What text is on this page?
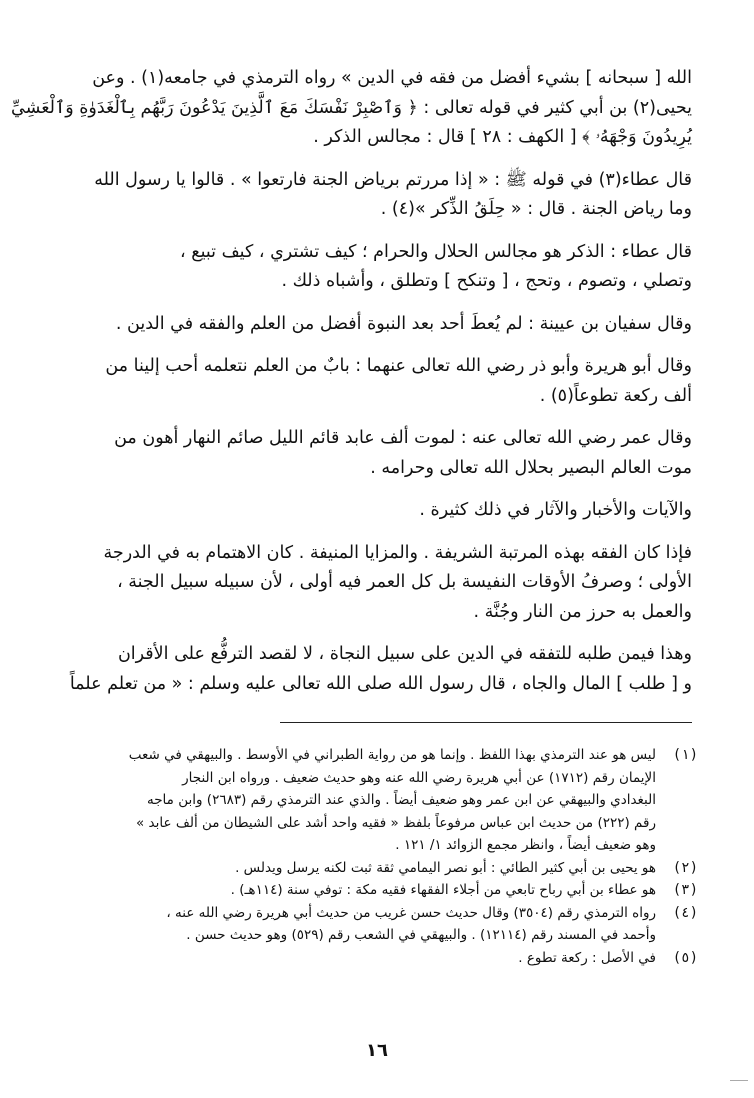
الله [ سبحانه ] بشيء أفضل من فقه في الدين » رواه الترمذي في جامعه(١) . وعن
يحيى(٢) بن أبي كثير في قوله تعالى : ﴿ وَٱصْبِرْ نَفْسَكَ مَعَ ٱلَّذِينَ يَدْعُونَ رَبَّهُم بِٱلْغَدَوٰةِ وَٱلْعَشِيِّ
يُرِيدُونَ وَجْهَهُۥ ﴾ [ الكهف : ٢٨ ] قال : مجالس الذكر .

قال عطاء(٣) في قوله ﷺ : « إذا مررتم برياض الجنة فارتعوا » . قالوا يا رسول الله
وما رياض الجنة . قال : « حِلَقُ الذِّكر »(٤) .

قال عطاء : الذكر هو مجالس الحلال والحرام ؛ كيف تشتري ، كيف تبيع ،
وتصلي ، وتصوم ، وتحج ، [ وتنكح ] وتطلق ، وأشباه ذلك .

وقال سفيان بن عيينة : لم يُعطَ أحد بعد النبوة أفضل من العلم والفقه في الدين .

وقال أبو هريرة وأبو ذر رضي الله تعالى عنهما : بابٌ من العلم نتعلمه أحب إلينا من
ألف ركعة تطوعاً(٥) .

وقال عمر رضي الله تعالى عنه : لموت ألف عابد قائم الليل صائم النهار أهون من
موت العالم البصير بحلال الله تعالى وحرامه .

والآيات والأخبار والآثار في ذلك كثيرة .

فإذا كان الفقه بهذه المرتبة الشريفة . والمزايا المنيفة . كان الاهتمام به في الدرجة
الأولى ؛ وصرفُ الأوقات النفيسة بل كل العمر فيه أولى ، لأن سبيله سبيل الجنة ،
والعمل به حرز من النار وجُنَّة .

وهذا فيمن طلبه للتفقه في الدين على سبيل النجاة ، لا لقصد الترفُّع على الأقران
و [ طلب ] المال والجاه ، قال رسول الله صلى الله تعالى عليه وسلم : « من تعلم علماً

(١)
ليس هو عند الترمذي بهذا اللفظ . وإنما هو من رواية الطبراني في الأوسط . والبيهقي في شعب
الإيمان رقم (١٧١٢) عن أبي هريرة رضي الله عنه وهو حديث ضعيف . ورواه ابن النجار
البغدادي والبيهقي عن ابن عمر وهو ضعيف أيضاً . والذي عند الترمذي رقم (٢٦٨٣) وابن ماجه
رقم (٢٢٢) من حديث ابن عباس مرفوعاً بلفظ « فقيه واحد أشد على الشيطان من ألف عابد »
وهو ضعيف أيضاً ، وانظر مجمع الزوائد ١/ ١٢١ .
(٢)
هو يحيى بن أبي كثير الطائي : أبو نصر اليمامي ثقة ثبت لكنه يرسل ويدلس .
(٣)
هو عطاء بن أبي رباح تابعي من أجلاء الفقهاء فقيه مكة : توفي سنة (١١٤هـ) .
(٤)
رواه الترمذي رقم (٣٥٠٤) وقال حديث حسن غريب من حديث أبي هريرة رضي الله عنه ،
وأحمد في المسند رقم (١٢١١٤) . والبيهقي في الشعب رقم (٥٢٩) وهو حديث حسن .
(٥)
في الأصل : ركعة تطوع .
١٦
